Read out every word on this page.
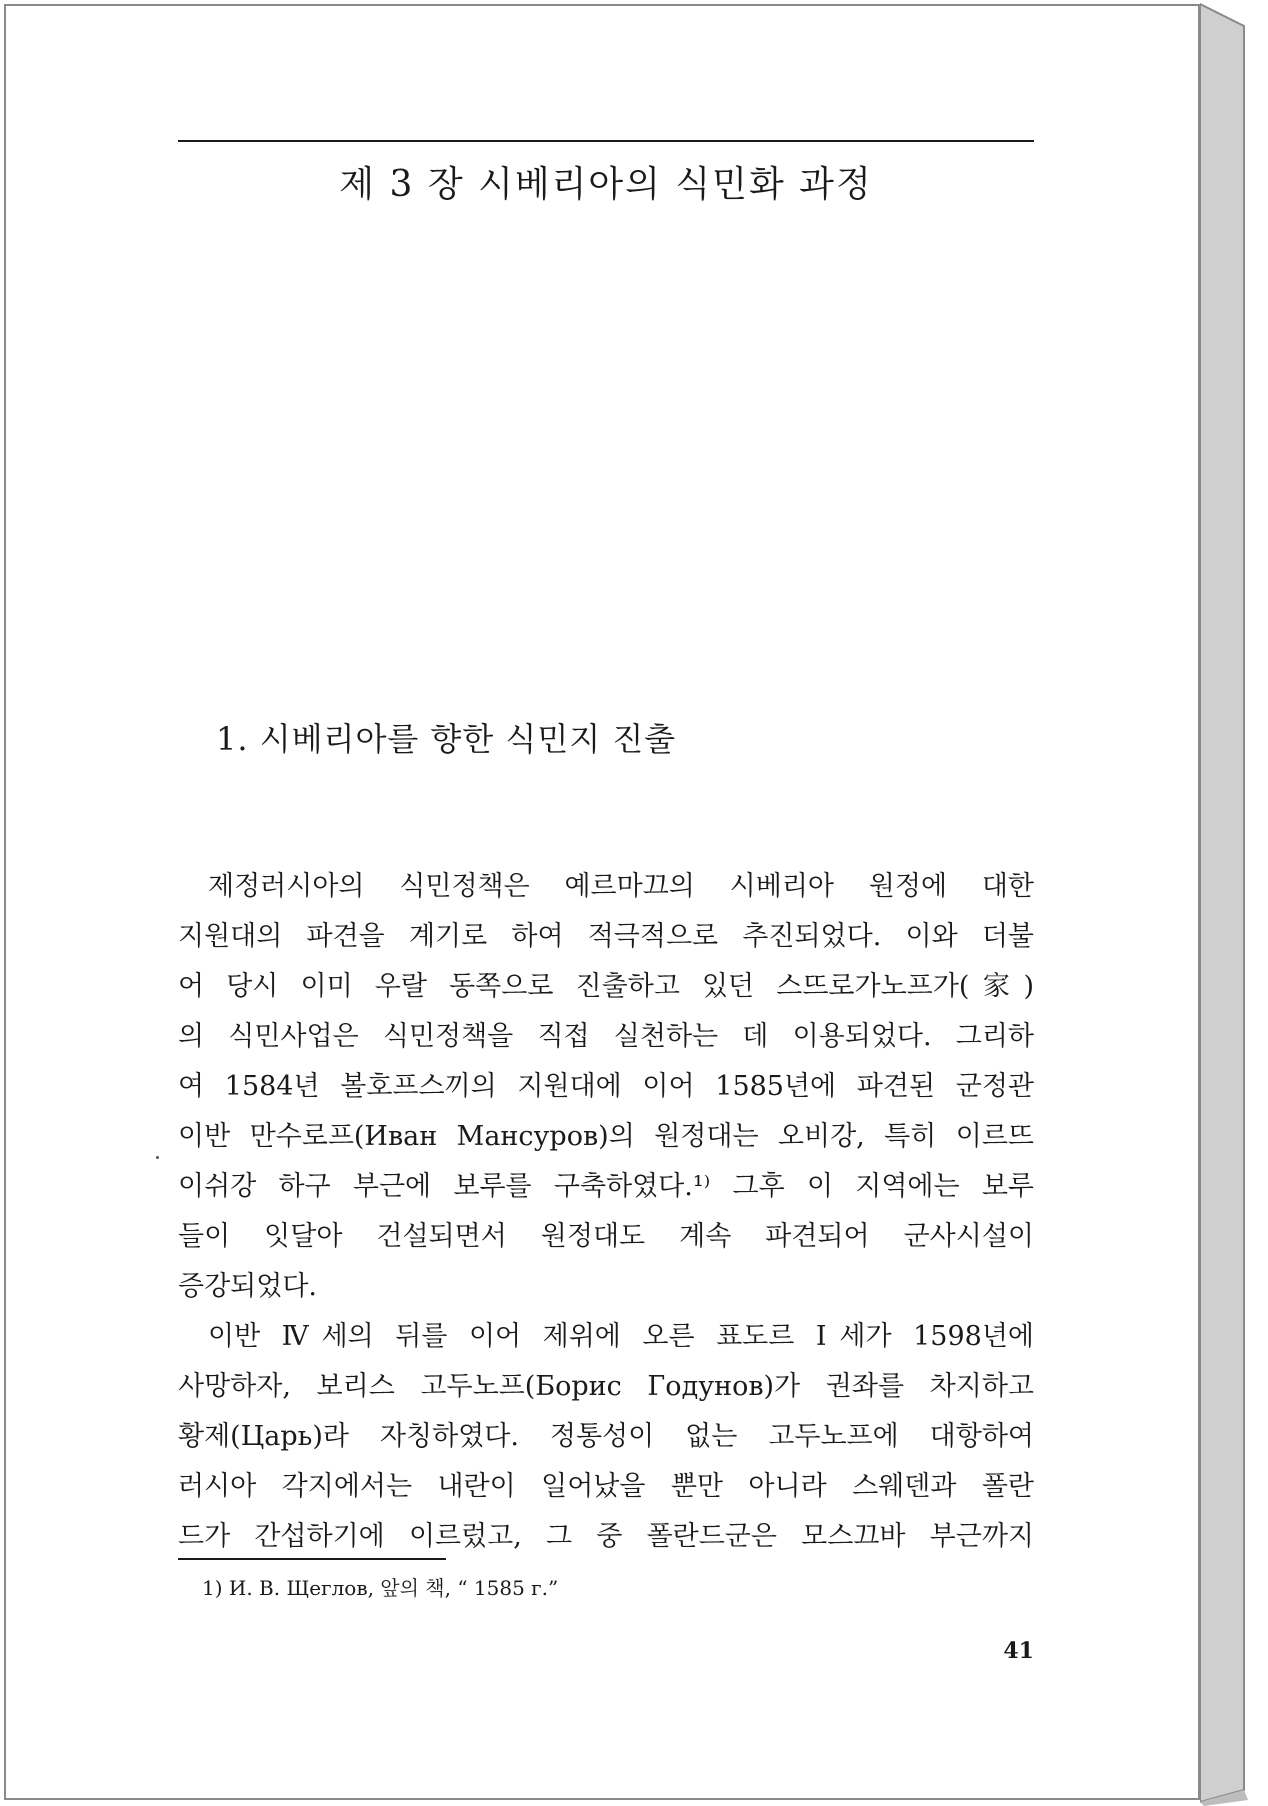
제 3 장 시베리아의 식민화 과정
1. 시베리아를 향한 식민지 진출
제정러시아의 식민정책은 예르마끄의 시베리아 원정에 대한
지원대의 파견을 계기로 하여 적극적으로 추진되었다. 이와 더불
어 당시 이미 우랄 동쪽으로 진출하고 있던 스뜨로가노프가(家)
의 식민사업은 식민정책을 직접 실천하는 데 이용되었다. 그리하
여 1584년 볼호프스끼의 지원대에 이어 1585년에 파견된 군정관
이반 만수로프(Иван Мансуров)의 원정대는 오비강, 특히 이르뜨
이쉬강 하구 부근에 보루를 구축하였다.¹⁾ 그후 이 지역에는 보루
들이 잇달아 건설되면서 원정대도 계속 파견되어 군사시설이
증강되었다.
이반 Ⅳ세의 뒤를 이어 제위에 오른 표도르 Ⅰ세가 1598년에
사망하자, 보리스 고두노프(Борис Годунов)가 권좌를 차지하고
황제(Царь)라 자칭하였다. 정통성이 없는 고두노프에 대항하여
러시아 각지에서는 내란이 일어났을 뿐만 아니라 스웨덴과 폴란
드가 간섭하기에 이르렀고, 그 중 폴란드군은 모스끄바 부근까지
1) И. В. Щеглов, 앞의 책, “ 1585 г.”
41
